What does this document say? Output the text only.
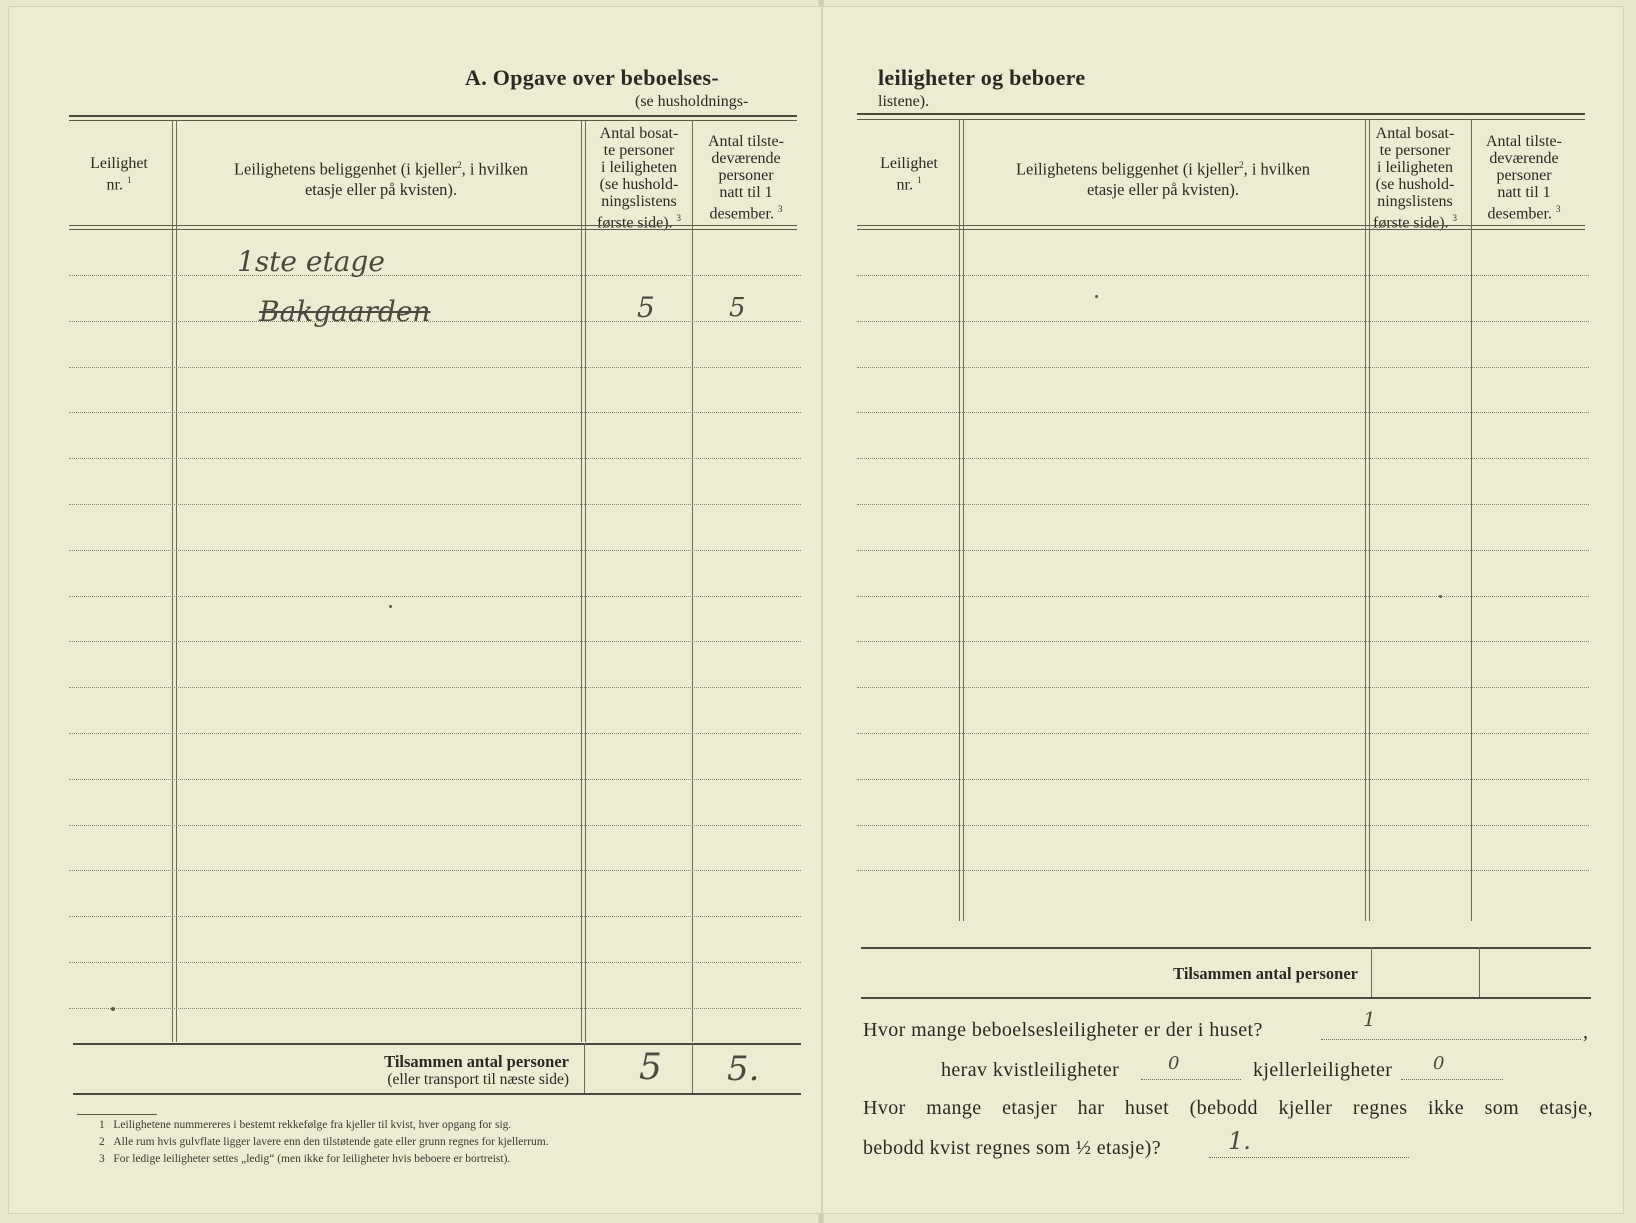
A. Opgave over beboelses-
(se husholdnings-
Leilighet
nr. $^1$
Leilighetens beliggenhet (i kjeller$^2$, i hvilken
etasje eller på kvisten).
Antal bosat-
te personer
i leiligheten
(se hushold-
ningslistens
første side). $^3$
Antal tilste-
deværende
personer
natt til 1
desember. $^3$
1ste etage
Bakgaarden	5	5
Tilsammen antal personer
(eller transport til næste side) 5 5.
1 Leilighetene nummereres i bestemt rekkefølge fra kjeller til kvist, hver opgang for sig.
2 Alle rum hvis gulvflate ligger lavere enn den tilstøtende gate eller grunn regnes for kjellerrum.
3 For ledige leiligheter settes „ledig“ (men ikke for leiligheter hvis beboere er bortreist).
leiligheter og beboere
listene).
Leilighet
nr. $^1$
Leilighetens beliggenhet (i kjeller$^2$, i hvilken
etasje eller på kvisten).
Antal bosat-
te personer
i leiligheten
(se hushold-
ningslistens
første side). $^3$
Antal tilste-
deværende
personer
natt til 1
desember. $^3$
Tilsammen antal personer
Hvor mange beboelsesleiligheter er der i huset?	1
,
herav kvistleiligheter	0	kjellerleiligheter 0
Hvor mange etasjer har huset (bebodd kjeller regnes ikke som etasje,
bebodd kvist regnes som ½ etasje)?	1.
